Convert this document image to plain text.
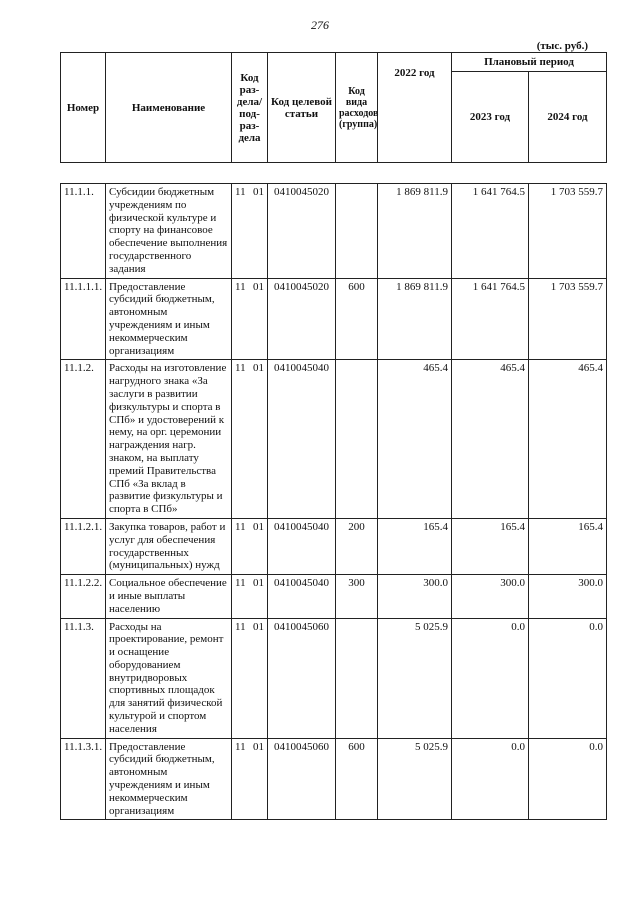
276
(тыс. руб.)
Номер	Наименование	Код раз-дела/ под-раз-дела	Код целевой статьи	Код вида расходов (группа)	2022 год	Плановый период	
						2023 год	2024 год

11.1.1.	Субсидии бюджетным учреждениям по физической культуре и спорту на финансовое обеспечение выполнения государственного задания	11 01	0410045020		1 869 811.9	1 641 764.5	1 703 559.7
11.1.1.1.	Предоставление субсидий бюджетным, автономным учреждениям и иным некоммерческим организациям	11 01	0410045020	600	1 869 811.9	1 641 764.5	1 703 559.7
11.1.2.	Расходы на изготовление нагрудного знака «За заслуги в развитии физкультуры и спорта в СПб» и удостоверений к нему, на орг. церемонии награждения нагр. знаком, на выплату премий Правительства СПб «За вклад в развитие физкультуры и спорта в СПб»	11 01	0410045040		465.4	465.4	465.4
11.1.2.1.	Закупка товаров, работ и услуг для обеспечения государственных (муниципальных) нужд	11 01	0410045040	200	165.4	165.4	165.4
11.1.2.2.	Социальное обеспечение и иные выплаты населению	11 01	0410045040	300	300.0	300.0	300.0
11.1.3.	Расходы на проектирование, ремонт и оснащение оборудованием внутридворовых спортивных площадок для занятий физической культурой и спортом населения	11 01	0410045060		5 025.9	0.0	0.0
11.1.3.1.	Предоставление субсидий бюджетным, автономным учреждениям и иным некоммерческим организациям	11 01	0410045060	600	5 025.9	0.0	0.0
